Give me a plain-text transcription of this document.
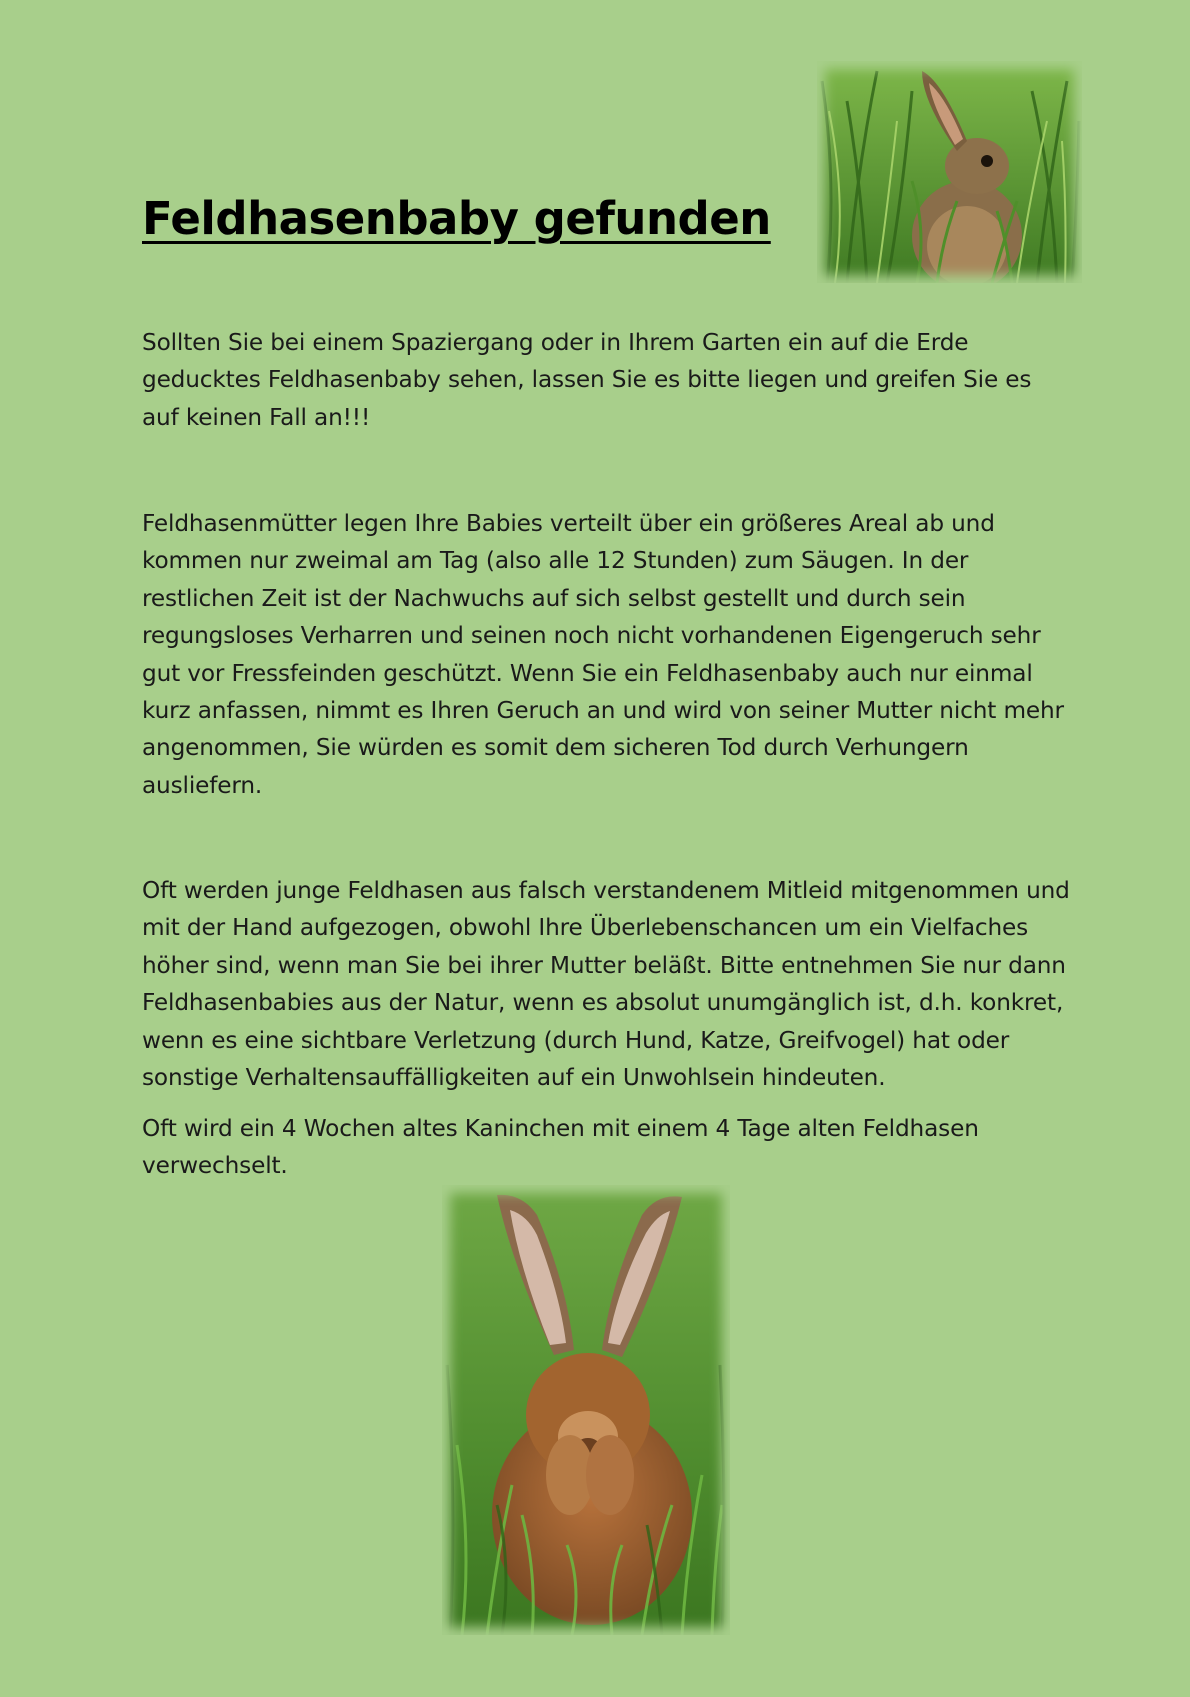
Feldhasenbaby gefunden

Sollten Sie bei einem Spaziergang oder in Ihrem Garten ein auf die Erde geducktes Feldhasenbaby sehen, lassen Sie es bitte liegen und greifen Sie es auf keinen Fall an!!!

Feldhasenmütter legen Ihre Babies verteilt über ein größeres Areal ab und kommen nur zweimal am Tag (also alle 12 Stunden) zum Säugen. In der restlichen Zeit ist der Nachwuchs auf sich selbst gestellt und durch sein regungsloses Verharren und seinen noch nicht vorhandenen Eigengeruch sehr gut vor Fressfeinden geschützt. Wenn Sie ein Feldhasenbaby auch nur einmal kurz anfassen, nimmt es Ihren Geruch an und wird von seiner Mutter nicht mehr angenommen, Sie würden es somit dem sicheren Tod durch Verhungern ausliefern.

Oft werden junge Feldhasen aus falsch verstandenem Mitleid mitgenommen und mit der Hand aufgezogen, obwohl Ihre Überlebenschancen um ein Vielfaches höher sind, wenn man Sie bei ihrer Mutter beläßt. Bitte entnehmen Sie nur dann Feldhasenbabies aus der Natur, wenn es absolut unumgänglich ist, d.h. konkret, wenn es eine sichtbare Verletzung (durch Hund, Katze, Greifvogel) hat oder sonstige Verhaltensauffälligkeiten auf ein Unwohlsein hindeuten.

Oft wird ein 4 Wochen altes Kaninchen mit einem 4 Tage alten Feldhasen verwechselt.
